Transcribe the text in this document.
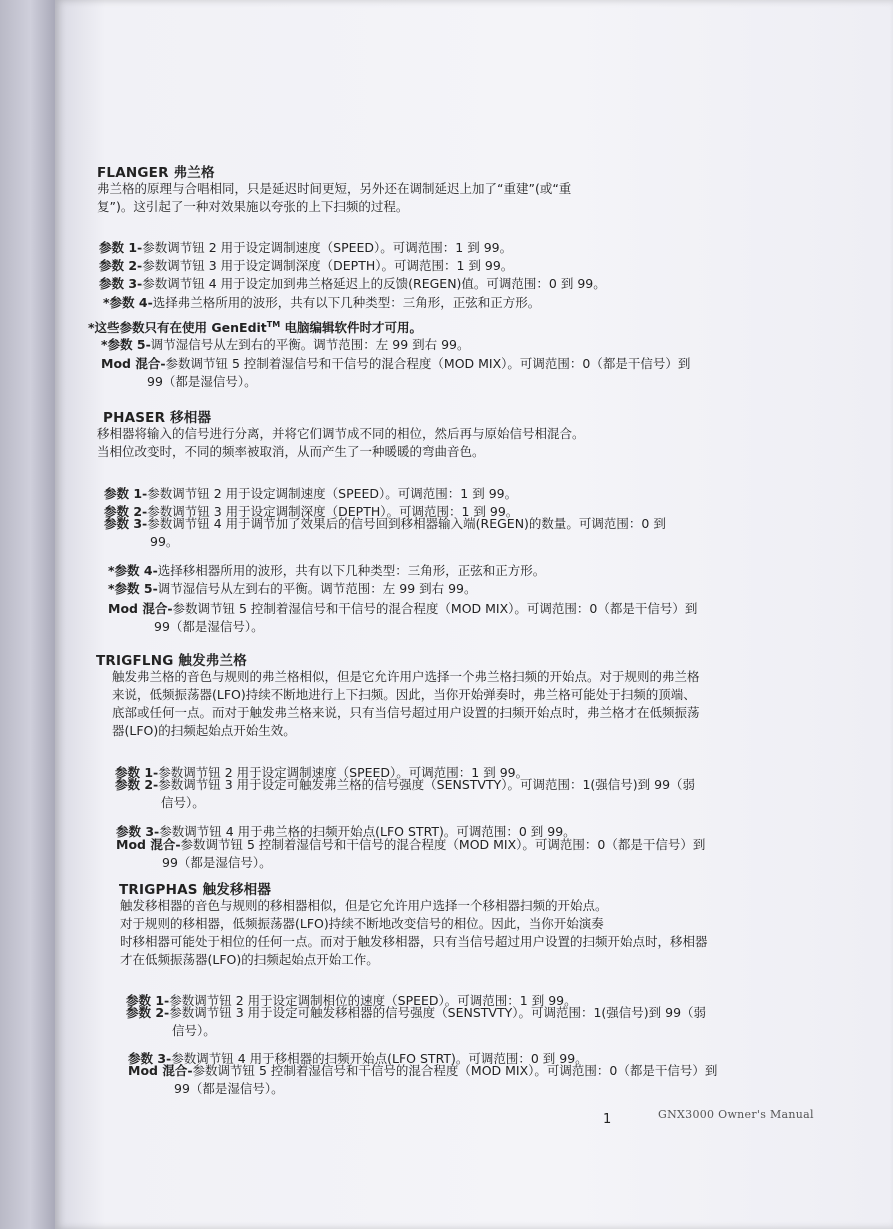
FLANGER 弗兰格
弗兰格的原理与合唱相同，只是延迟时间更短，另外还在调制延迟上加了“重建”(或“重
复”)。这引起了一种对效果施以夸张的上下扫频的过程。
参数 1-参数调节钮 2 用于设定调制速度（SPEED）。可调范围：1 到 99。
参数 2-参数调节钮 3 用于设定调制深度（DEPTH）。可调范围：1 到 99。
参数 3-参数调节钮 4 用于设定加到弗兰格延迟上的反馈(REGEN)值。可调范围：0 到 99。
*参数 4-选择弗兰格所用的波形，共有以下几种类型：三角形，正弦和正方形。
*这些参数只有在使用 GenEdit™ 电脑编辑软件时才可用。
*参数 5-调节湿信号从左到右的平衡。调节范围：左 99 到右 99。
Mod 混合-参数调节钮 5 控制着湿信号和干信号的混合程度（MOD MIX）。可调范围：0（都是干信号）到
99（都是湿信号）。
PHASER 移相器
移相器将输入的信号进行分离，并将它们调节成不同的相位，然后再与原始信号相混合。
当相位改变时，不同的频率被取消，从而产生了一种暖暖的弯曲音色。
参数 1-参数调节钮 2 用于设定调制速度（SPEED）。可调范围：1 到 99。
参数 2-参数调节钮 3 用于设定调制深度（DEPTH）。可调范围：1 到 99。
参数 3-参数调节钮 4 用于调节加了效果后的信号回到移相器输入端(REGEN)的数量。可调范围：0 到
99。
*参数 4-选择移相器所用的波形，共有以下几种类型：三角形，正弦和正方形。
*参数 5-调节湿信号从左到右的平衡。调节范围：左 99 到右 99。
Mod 混合-参数调节钮 5 控制着湿信号和干信号的混合程度（MOD MIX）。可调范围：0（都是干信号）到
99（都是湿信号）。
TRIGFLNG 触发弗兰格
触发弗兰格的音色与规则的弗兰格相似，但是它允许用户选择一个弗兰格扫频的开始点。对于规则的弗兰格
来说，低频振荡器(LFO)持续不断地进行上下扫频。因此，当你开始弹奏时，弗兰格可能处于扫频的顶端、
底部或任何一点。而对于触发弗兰格来说，只有当信号超过用户设置的扫频开始点时，弗兰格才在低频振荡
器(LFO)的扫频起始点开始生效。
参数 1-参数调节钮 2 用于设定调制速度（SPEED）。可调范围：1 到 99。
参数 2-参数调节钮 3 用于设定可触发弗兰格的信号强度（SENSTVTY）。可调范围：1(强信号)到 99（弱
信号）。
参数 3-参数调节钮 4 用于弗兰格的扫频开始点(LFO STRT)。可调范围：0 到 99。
Mod 混合-参数调节钮 5 控制着湿信号和干信号的混合程度（MOD MIX）。可调范围：0（都是干信号）到
99（都是湿信号）。
TRIGPHAS 触发移相器
触发移相器的音色与规则的移相器相似，但是它允许用户选择一个移相器扫频的开始点。
对于规则的移相器，低频振荡器(LFO)持续不断地改变信号的相位。因此，当你开始演奏
时移相器可能处于相位的任何一点。而对于触发移相器，只有当信号超过用户设置的扫频开始点时，移相器
才在低频振荡器(LFO)的扫频起始点开始工作。
参数 1-参数调节钮 2 用于设定调制相位的速度（SPEED）。可调范围：1 到 99。
参数 2-参数调节钮 3 用于设定可触发移相器的信号强度（SENSTVTY）。可调范围：1(强信号)到 99（弱
信号）。
参数 3-参数调节钮 4 用于移相器的扫频开始点(LFO STRT)。可调范围：0 到 99。
Mod 混合-参数调节钮 5 控制着湿信号和干信号的混合程度（MOD MIX）。可调范围：0（都是干信号）到
99（都是湿信号）。
1	GNX3000 Owner's Manual
